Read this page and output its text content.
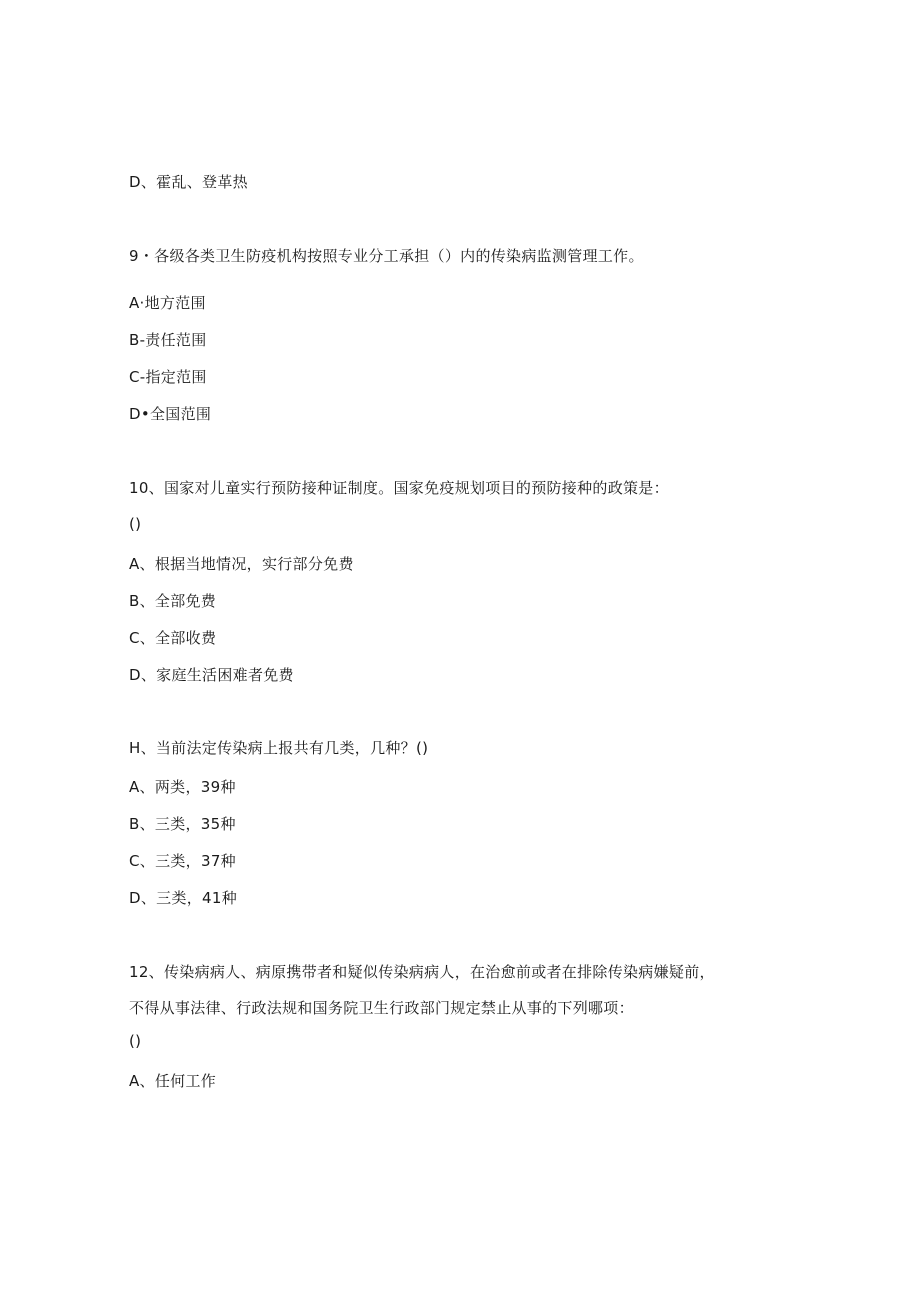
D、霍乱、登革热
9・各级各类卫生防疫机构按照专业分工承担（）内的传染病监测管理工作。
A·地方范围
B-责任范围
C-指定范围
D•全国范围
10、国家对儿童实行预防接种证制度。国家免疫规划项目的预防接种的政策是：
()
A、根据当地情况，实行部分免费
B、全部免费
C、全部收费
D、家庭生活困难者免费
H、当前法定传染病上报共有几类，几种？()
A、两类，39种
B、三类，35种
C、三类，37种
D、三类，41种
12、传染病病人、病原携带者和疑似传染病病人，在治愈前或者在排除传染病嫌疑前，
不得从事法律、行政法规和国务院卫生行政部门规定禁止从事的下列哪项：
()
A、任何工作
